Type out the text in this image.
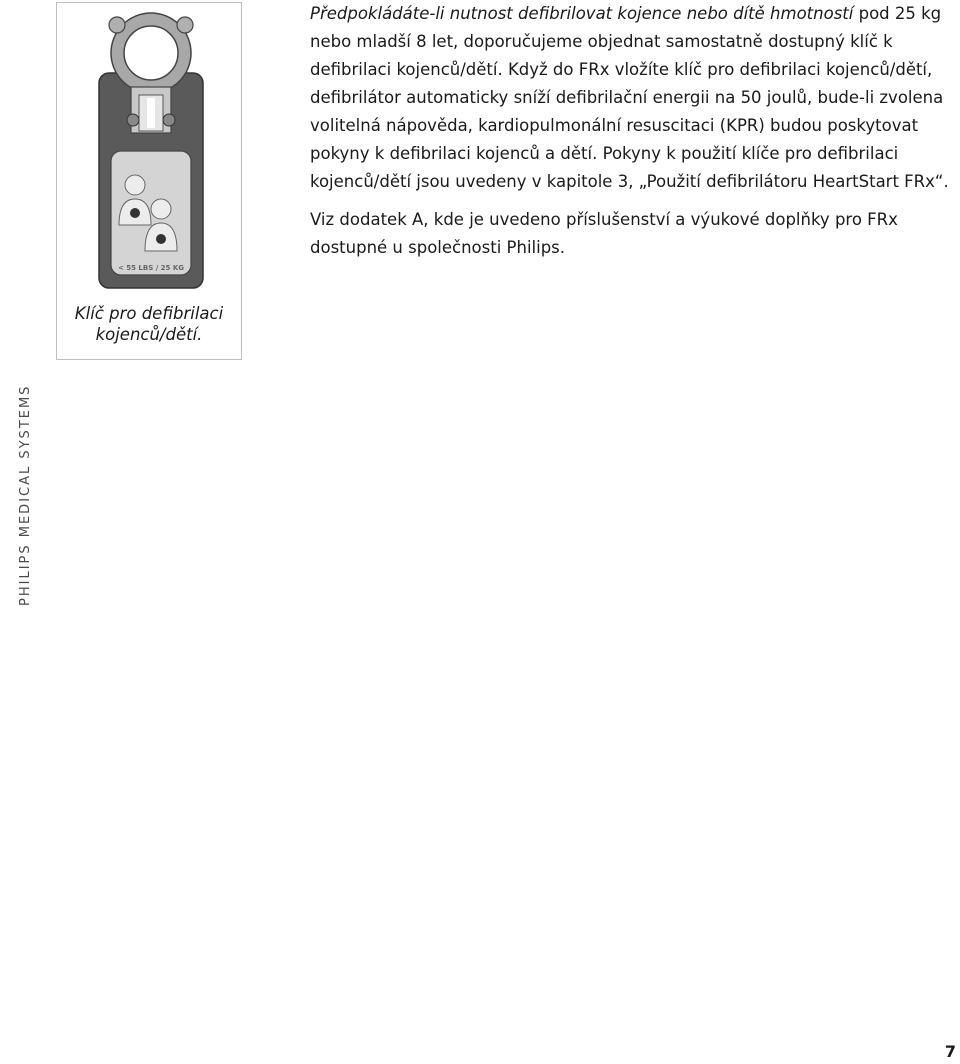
< 55 LBS / 25 KG
Klíč pro defibrilaci
kojenců/dětí.

Předpokládáte-li nutnost defibrilovat kojence nebo dítě hmotností pod 25 kg nebo mladší 8 let, doporučujeme objednat samostatně dostupný klíč k defibrilaci kojenců/dětí. Když do FRx vložíte klíč pro defibrilaci kojenců/dětí, defibrilátor automaticky sníží defibrilační energii na 50 joulů, bude-li zvolena volitelná nápověda, kardiopulmonální resuscitaci (KPR) budou poskytovat pokyny k defibrilaci kojenců a dětí. Pokyny k použití klíče pro defibrilaci kojenců/dětí jsou uvedeny v kapitole 3, „Použití defibrilátoru HeartStart FRx“.

Viz dodatek A, kde je uvedeno příslušenství a výukové doplňky pro FRx dostupné u společnosti Philips.

PHILIPS MEDICAL SYSTEMS
7
